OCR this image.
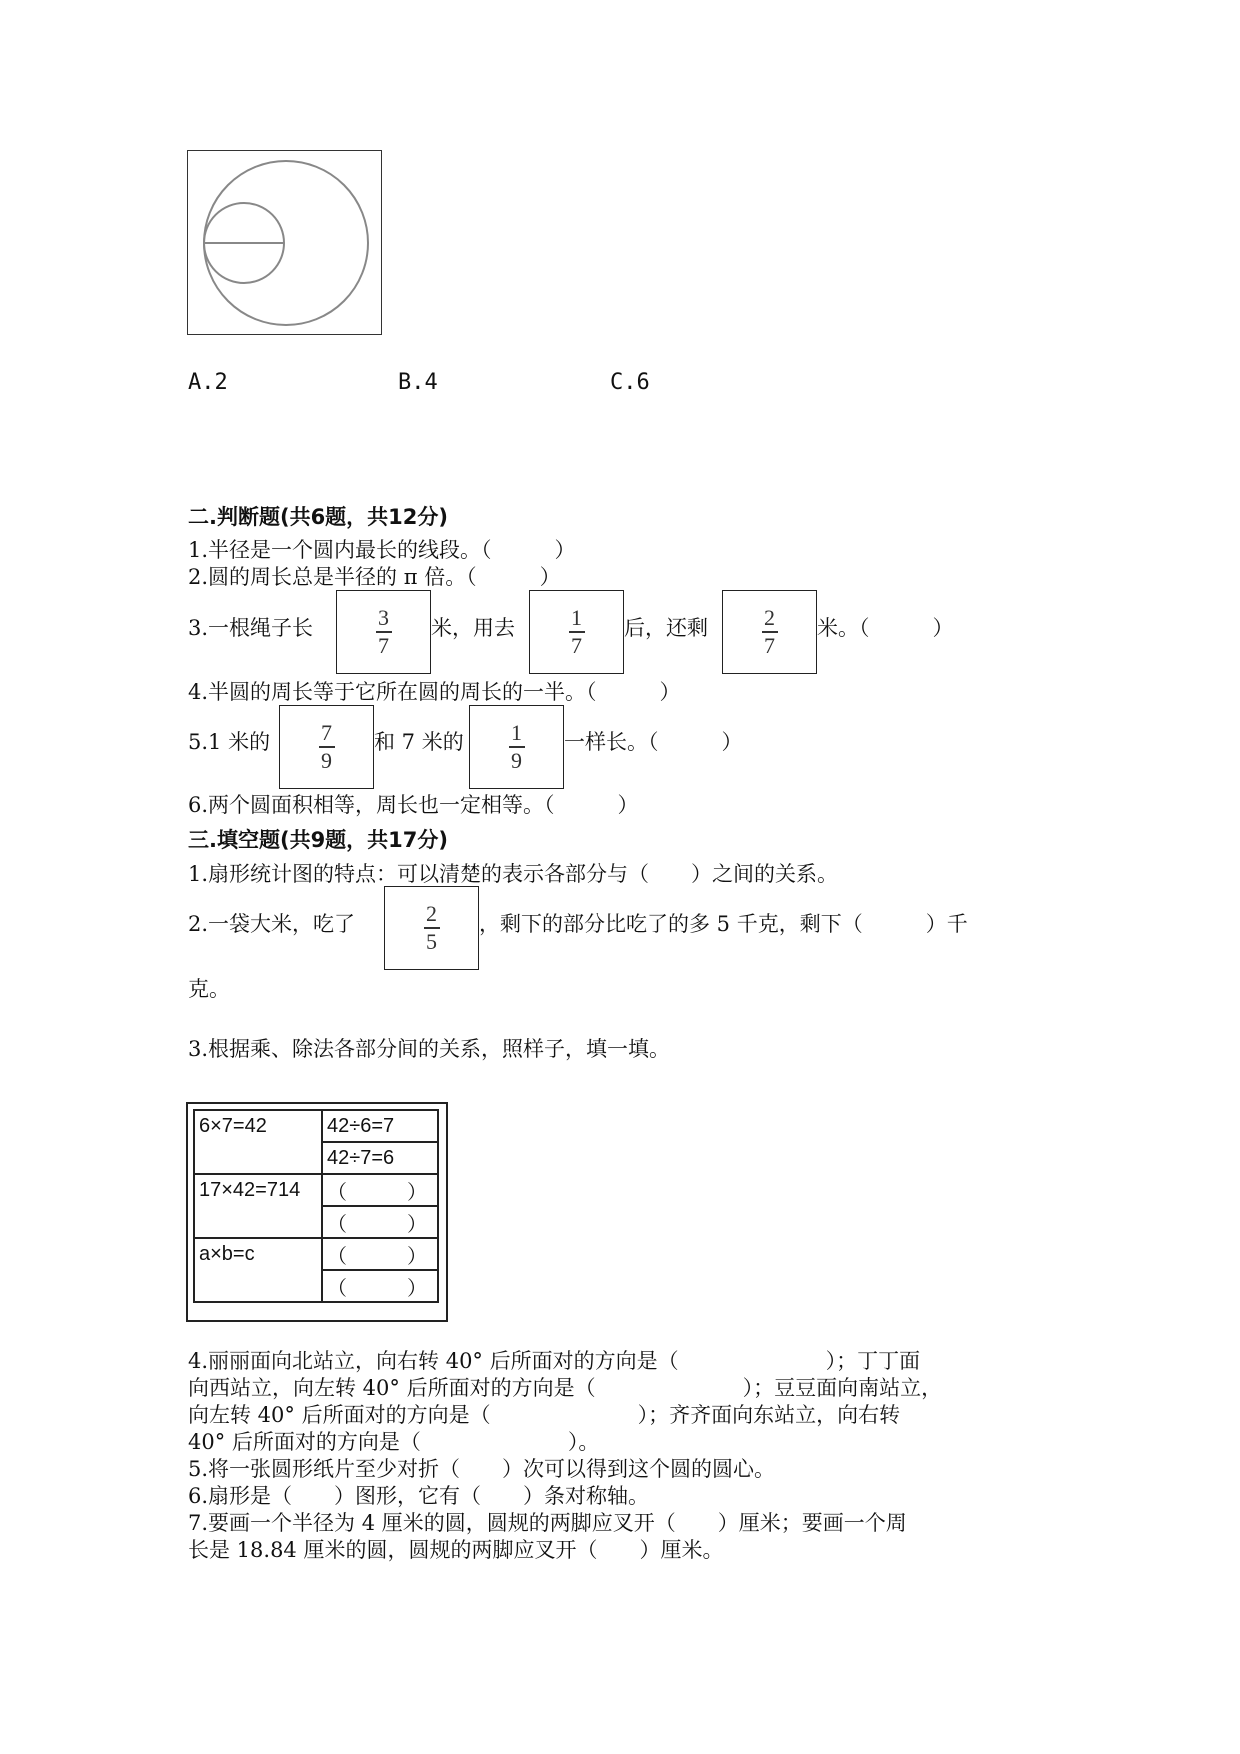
A.2	B.4	C.6
二.判断题(共6题，共12分)
1.半径是一个圆内最长的线段。（　　　）
2.圆的周长总是半径的 π 倍。（　　　）
3.一根绳子长	$\frac{3}{7}$ 米，用去 $\frac{1}{7}$ 后，还剩 $\frac{2}{7}$ 米。（　　　）
4.半圆的周长等于它所在圆的周长的一半。（　　　）
5.1 米的 $\frac{7}{9}$ 和 7 米的 $\frac{1}{9}$ 一样长。（　　　）
6.两个圆面积相等，周长也一定相等。（　　　）
三.填空题(共9题，共17分)
1.扇形统计图的特点：可以清楚的表示各部分与（　　）之间的关系。
2.一袋大米，吃了	$\frac{2}{5}$ ，剩下的部分比吃了的多 5 千克，剩下（　　　）千
克。
3.根据乘、除法各部分间的关系，照样子，填一填。
6×7=42	42÷6=7
	42÷7=6
17×42=714	（　　　）
	（　　　）
a×b=c	（　　　）
	（　　　）
4.丽丽面向北站立，向右转 40° 后所面对的方向是（　　　　　　　）；丁丁面
向西站立，向左转 40° 后所面对的方向是（　　　　　　　）；豆豆面向南站立，
向左转 40° 后所面对的方向是（　　　　　　　）；齐齐面向东站立，向右转
40° 后所面对的方向是（　　　　　　　）。
5.将一张圆形纸片至少对折（　　）次可以得到这个圆的圆心。
6.扇形是（　　）图形，它有（　　）条对称轴。
7.要画一个半径为 4 厘米的圆，圆规的两脚应叉开（　　）厘米；要画一个周
长是 18.84 厘米的圆，圆规的两脚应叉开（　　）厘米。
